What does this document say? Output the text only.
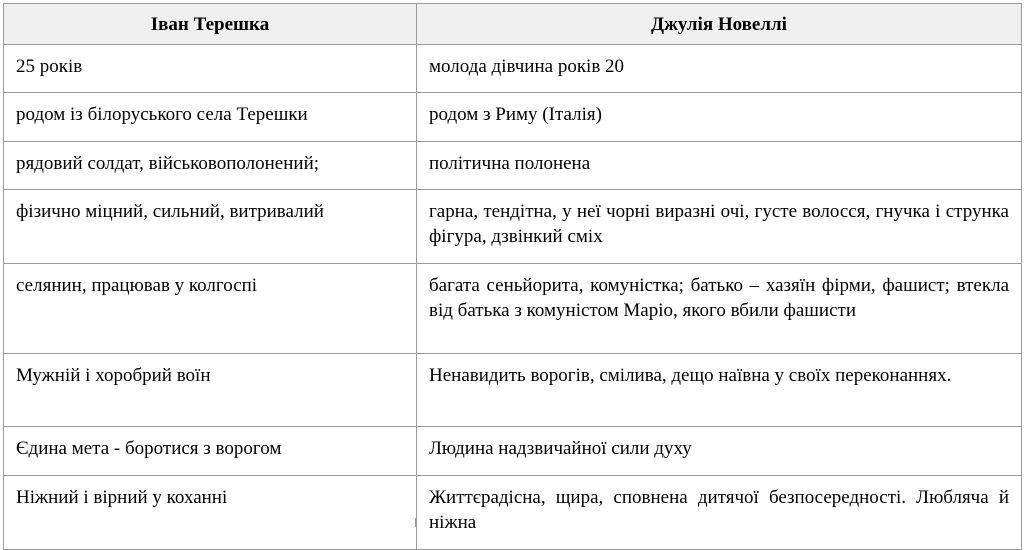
Іван Терешка	Джулія Новеллі
25 років	молода дівчина років 20
родом із білоруського села Терешки	родом з Риму (Італія)
рядовий солдат, військовополонений;	політична полонена
фізично міцний, сильний, витривалий	гарна, тендітна, у неї чорні виразні очі, густе волосся, гнучка і струнка фігура, дзвінкий сміх
селянин, працював у колгоспі	багата сеньйорита, комуністка; батько – хазяїн фірми, фашист; втекла від батька з комуністом Маріо, якого вбили фашисти
Мужній і хоробрий воїн	Ненавидить ворогів, смілива, дещо наївна у своїх переконаннях.
Єдина мета - боротися з ворогом	Людина надзвичайної сили духу
Ніжний і вірний у коханні	Життєрадісна, щира, сповнена дитячої безпосередності. Любляча й ніжна
